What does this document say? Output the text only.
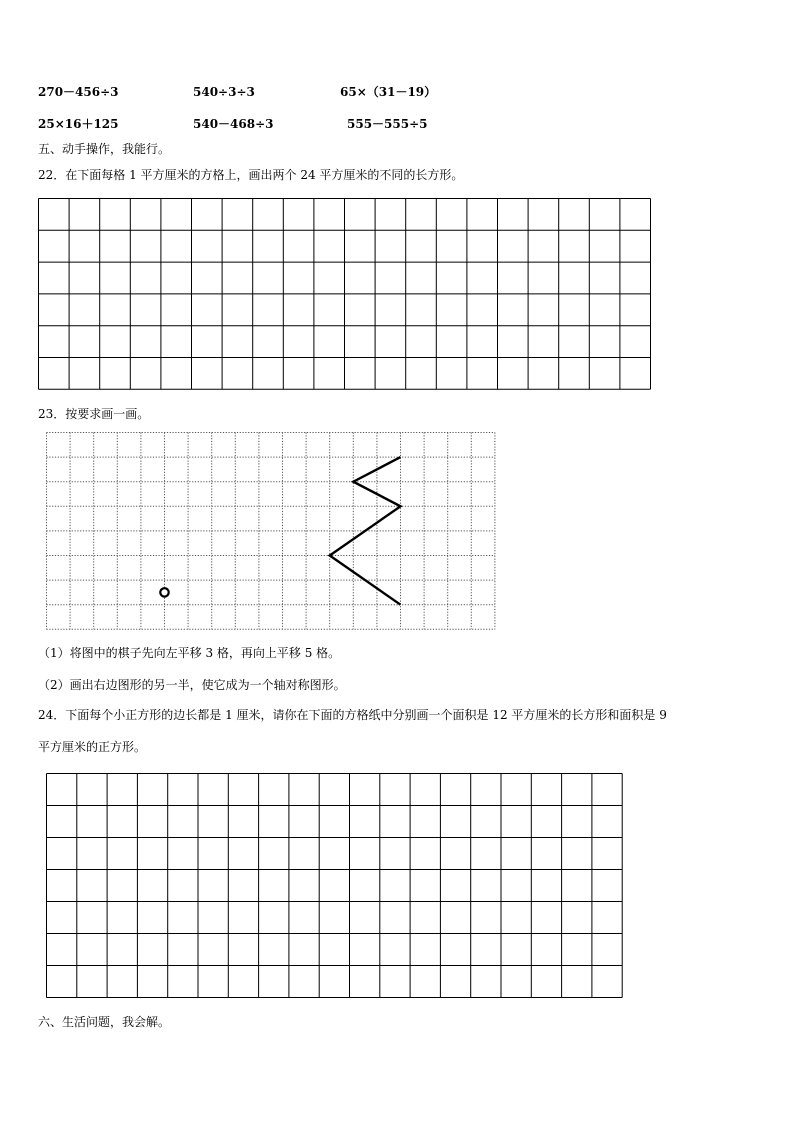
270－456÷3	540÷3÷3	65×（31－19）
25×16＋125	540－468÷3	555－555÷5
五、动手操作，我能行。
22．在下面每格 1 平方厘米的方格上，画出两个 24 平方厘米的不同的长方形。
23．按要求画一画。
（1）将图中的棋子先向左平移 3 格，再向上平移 5 格。
（2）画出右边图形的另一半，使它成为一个轴对称图形。
24．下面每个小正方形的边长都是 1 厘米，请你在下面的方格纸中分别画一个面积是 12 平方厘米的长方形和面积是 9
平方厘米的正方形。
六、生活问题，我会解。
